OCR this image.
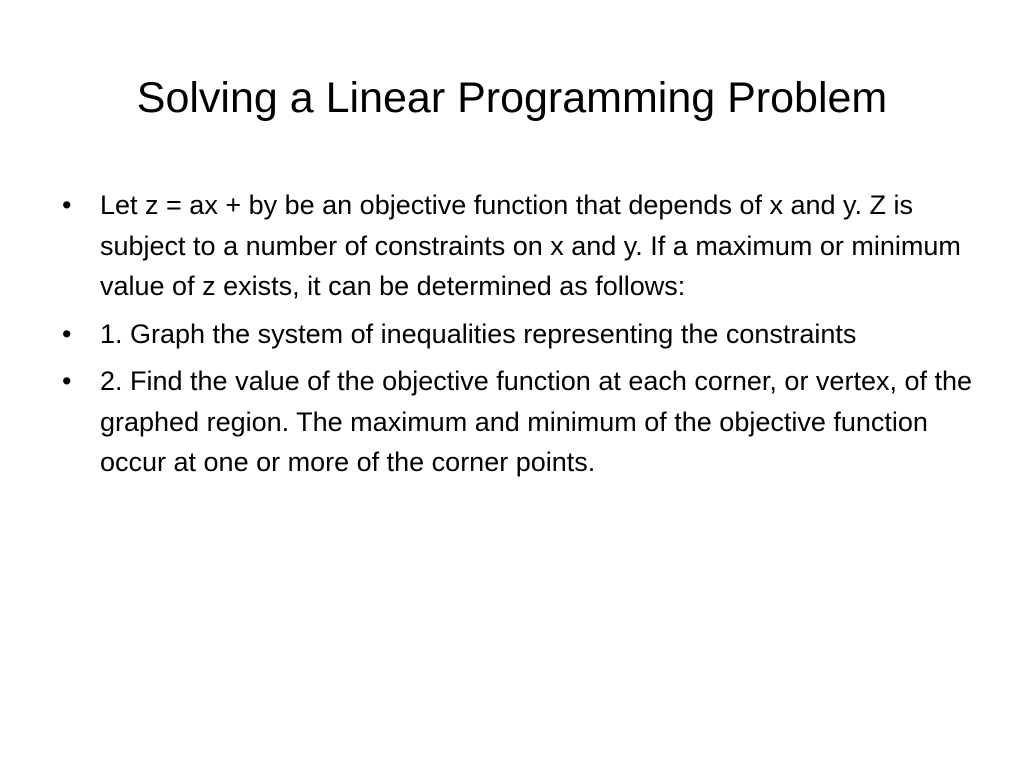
Solving a Linear Programming Problem
•	Let z = ax + by be an objective function that depends of x and y. Z is subject to a number of constraints on x and y. If a maximum or minimum value of z exists, it can be determined as follows:
•	1. Graph the system of inequalities representing the constraints
•	2. Find the value of the objective function at each corner, or vertex, of the graphed region. The maximum and minimum of the objective function occur at one or more of the corner points.
